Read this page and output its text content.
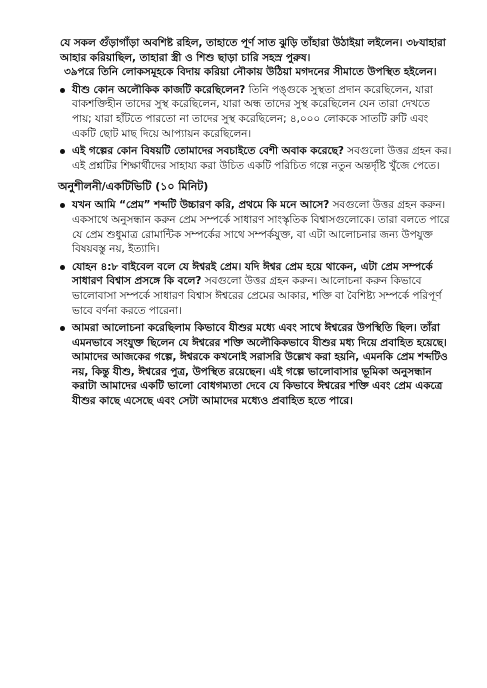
যে সকল গুঁড়াগাঁড়া অবশিষ্ট রহিল, তাহাতে পূর্ণ সাত ঝুড়ি তাঁহারা উঠাইয়া লইলেন। ৩৮যাহারা আহার করিয়াছিল, তাহারা স্ত্রী ও শিশু ছাড়া চারি সহস্র পুরুষ।

৩৯পরে তিনি লোকসমূহকে বিদায় করিয়া নৌকায় উঠিয়া মগদনের সীমাতে উপস্থিত হইলেন।

যীশু কোন অলৌকিক কাজটি করেছিলেন? তিনি পঙ্গুকে সুস্থতা প্রদান করেছিলেন, যারা বাকশক্তিহীন তাদের সুস্থ করেছিলেন, যারা অন্ধ তাদের সুস্থ করেছিলেন যেন তারা দেখতে পায়; যারা হাঁটতে পারতো না তাদের সুস্থ করেছিলেন; ৪,০০০ লোককে সাতটি রুটি এবং একটি ছোট মাছ দিয়ে আপ্যায়ন করেছিলেন।
এই গল্পের কোন বিষয়টি তোমাদের সবচাইতে বেশী অবাক করেছে? সবগুলো উত্তর গ্রহন কর। এই প্রশ্নটির শিক্ষার্থীদের সাহায্য করা উচিত একটি পরিচিত গল্পে নতুন অন্তর্দৃষ্টি খুঁজে পেতে।
অনুশীলনী/একটিভিটি (১০ মিনিট)
যখন আমি “প্রেম” শব্দটি উচ্চারণ করি, প্রথমে কি মনে আসে? সবগুলো উত্তর গ্রহন করুন। একসাথে অনুসন্ধান করুন প্রেম সম্পর্কে সাধারণ সাংস্কৃতিক বিশ্বাসগুলোকে। তারা বলতে পারে যে প্রেম শুধুমাত্র রোমান্টিক সম্পর্কের সাথে সম্পর্কযুক্ত, বা এটা আলোচনার জন্য উপযুক্ত বিষয়বস্তু নয়, ইত্যাদি।
যোহন ৪:৮ বাইবেল বলে যে ঈশ্বরই প্রেম। যদি ঈশ্বর প্রেম হয়ে থাকেন, এটা প্রেম সম্পর্কে সাধারণ বিশ্বাস প্রসঙ্গে কি বলে? সবগুলো উত্তর গ্রহন করুন। আলোচনা করুন কিভাবে ভালোবাসা সম্পর্কে সাধারণ বিশ্বাস ঈশ্বরের প্রেমের আকার, শক্তি বা বৈশিষ্ট্য সম্পর্কে পরিপূর্ণ ভাবে বর্ণনা করতে পারেনা।
আমরা আলোচনা করেছিলাম কিভাবে যীশুর মধ্যে এবং সাথে ঈশ্বরের উপস্থিতি ছিল। তাঁরা এমনভাবে সংযুক্ত ছিলেন যে ঈশ্বরের শক্তি অলৌকিকভাবে যীশুর মধ্য দিয়ে প্রবাহিত হয়েছে। আমাদের আজকের গল্পে, ঈশ্বরকে কখনোই সরাসরি উল্লেখ করা হয়নি, এমনকি প্রেম শব্দটিও নয়, কিন্তু যীশু, ঈশ্বরের পুত্র, উপস্থিত রয়েছেন। এই গল্পে ভালোবাসার ভূমিকা অনুসন্ধান করাটা আমাদের একটি ভালো বোধগম্যতা দেবে যে কিভাবে ঈশ্বরের শক্তি এবং প্রেম একত্রে যীশুর কাছে এসেছে এবং সেটা আমাদের মধ্যেও প্রবাহিত হতে পারে।
